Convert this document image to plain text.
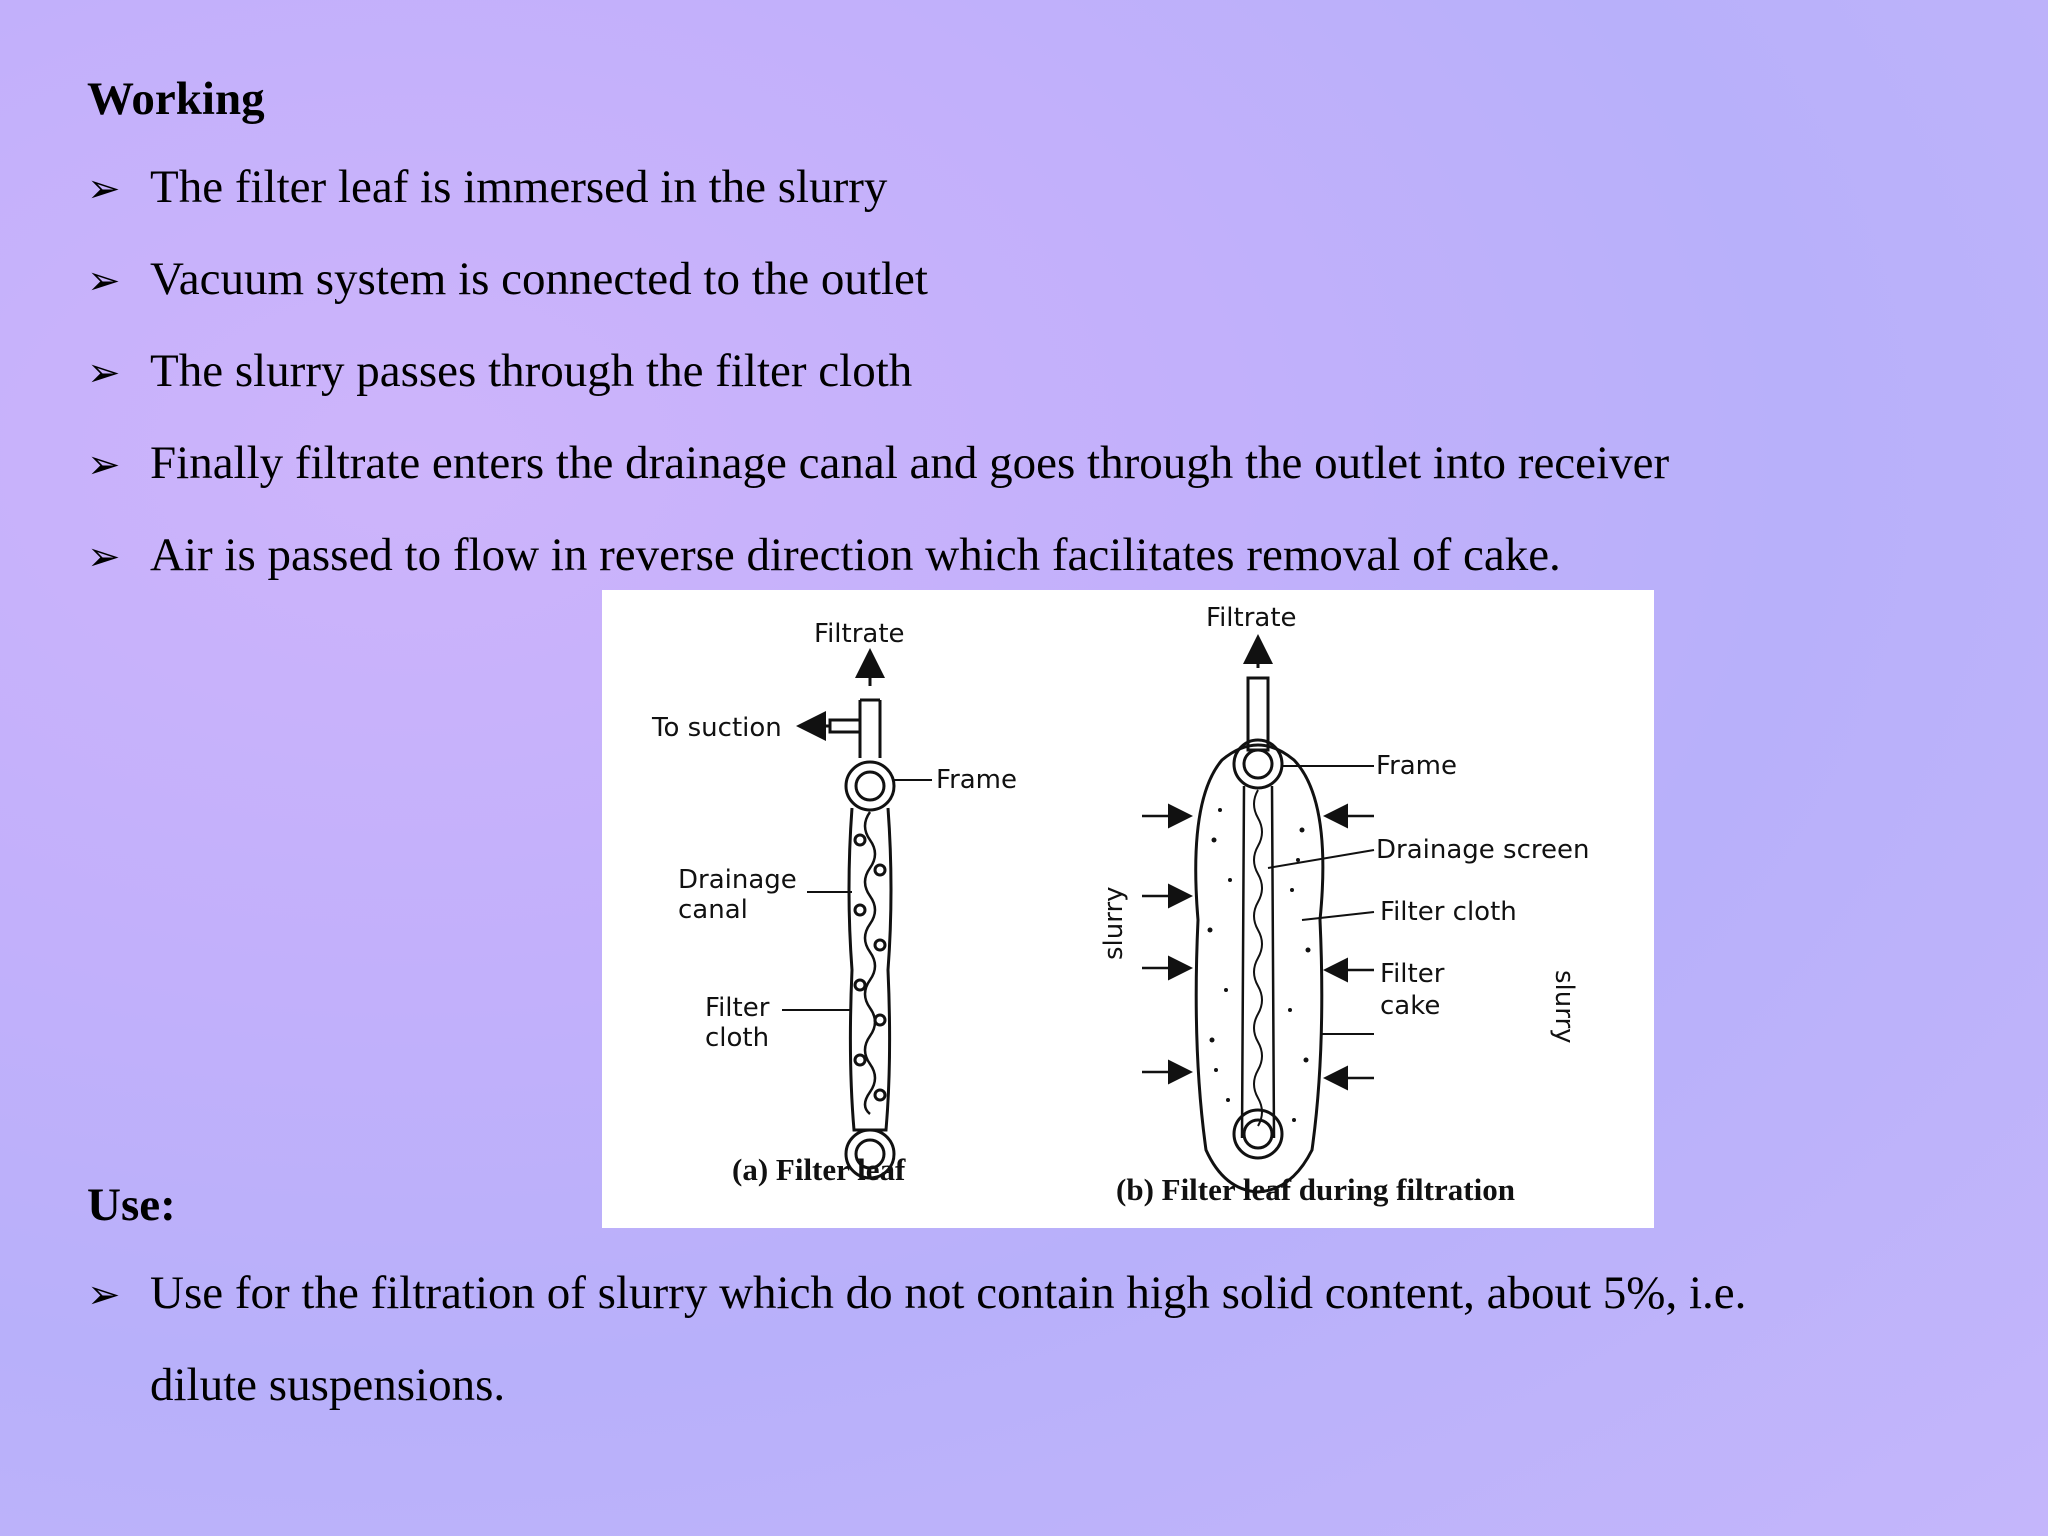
Working
➢ The filter leaf is immersed in the slurry
➢ Vacuum system is connected to the outlet
➢ The slurry passes through the filter cloth
➢ Finally filtrate enters the drainage canal and goes through the outlet into receiver
➢ Air is passed to flow in reverse direction which facilitates removal of cake.
Filtrate
To suction
Frame
Drainage
canal
Filter
cloth
(a) Filter leaf
Filtrate
Frame
Drainage screen
Filter cloth
Filter
cake
slurry
slurry
(b) Filter leaf during filtration
Use:
➢ Use for the filtration of slurry which do not contain high solid content, about 5%, i.e.
dilute suspensions.
